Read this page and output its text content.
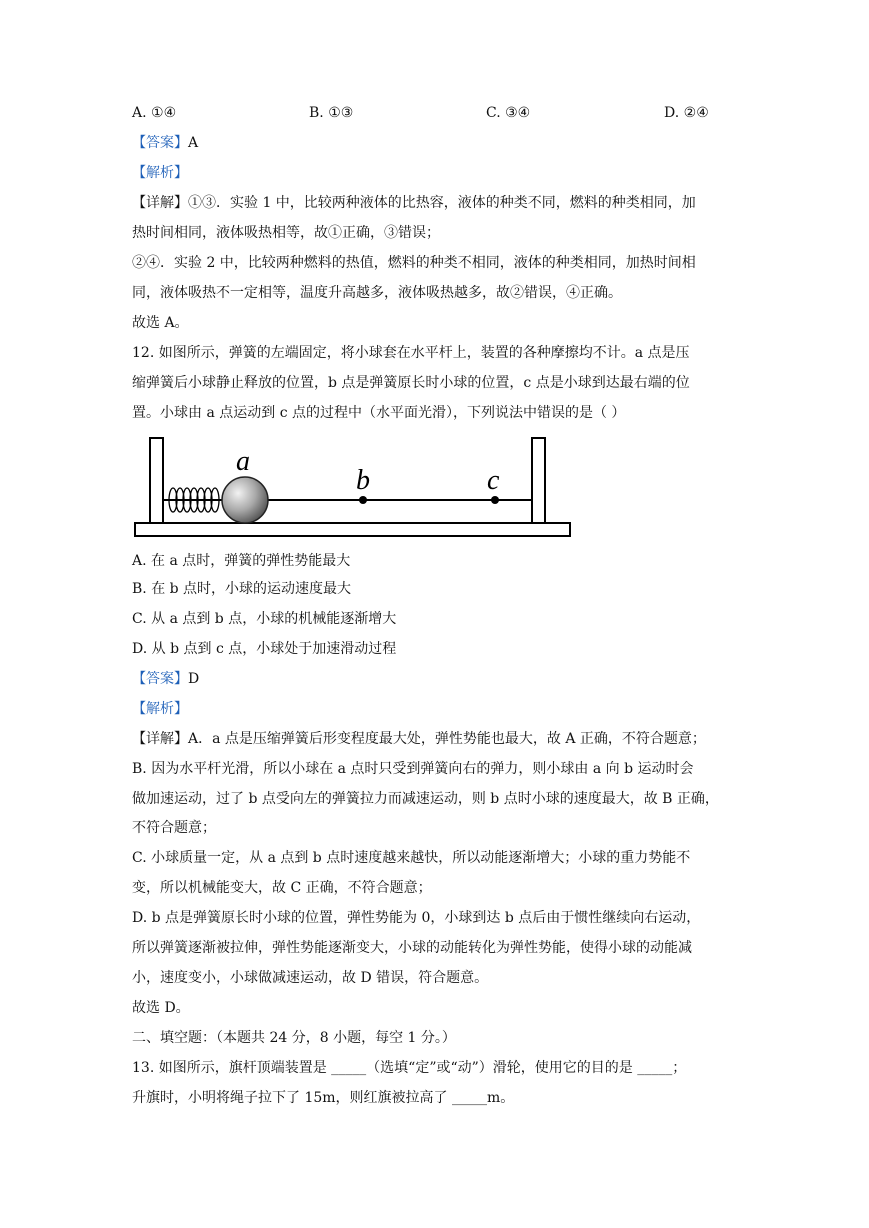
A. ①④	B. ①③	C. ③④	D. ②④
【答案】A
【解析】
【详解】①③．实验 1 中，比较两种液体的比热容，液体的种类不同，燃料的种类相同，加
热时间相同，液体吸热相等，故①正确，③错误；
②④．实验 2 中，比较两种燃料的热值，燃料的种类不相同，液体的种类相同，加热时间相
同，液体吸热不一定相等，温度升高越多，液体吸热越多，故②错误，④正确。
故选 A。
12. 如图所示，弹簧的左端固定，将小球套在水平杆上，装置的各种摩擦均不计。a 点是压
缩弹簧后小球静止释放的位置，b 点是弹簧原长时小球的位置，c 点是小球到达最右端的位
置。小球由 a 点运动到 c 点的过程中（水平面光滑），下列说法中错误的是（ ）
a
b	c
A. 在 a 点时，弹簧的弹性势能最大
B. 在 b 点时，小球的运动速度最大
C. 从 a 点到 b 点，小球的机械能逐渐增大
D. 从 b 点到 c 点，小球处于加速滑动过程
【答案】D
【解析】
【详解】A．a 点是压缩弹簧后形变程度最大处，弹性势能也最大，故 A 正确，不符合题意；
B. 因为水平杆光滑，所以小球在 a 点时只受到弹簧向右的弹力，则小球由 a 向 b 运动时会
做加速运动，过了 b 点受向左的弹簧拉力而减速运动，则 b 点时小球的速度最大，故 B 正确，
不符合题意；
C. 小球质量一定，从 a 点到 b 点时速度越来越快，所以动能逐渐增大；小球的重力势能不
变，所以机械能变大，故 C 正确，不符合题意；
D. b 点是弹簧原长时小球的位置，弹性势能为 0，小球到达 b 点后由于惯性继续向右运动，
所以弹簧逐渐被拉伸，弹性势能逐渐变大，小球的动能转化为弹性势能，使得小球的动能减
小，速度变小，小球做减速运动，故 D 错误，符合题意。
故选 D。
二、填空题：（本题共 24 分，8 小题，每空 1 分。）
13. 如图所示，旗杆顶端装置是 _____（选填“定”或“动”）滑轮，使用它的目的是 _____；
升旗时，小明将绳子拉下了 15m，则红旗被拉高了 _____m。
